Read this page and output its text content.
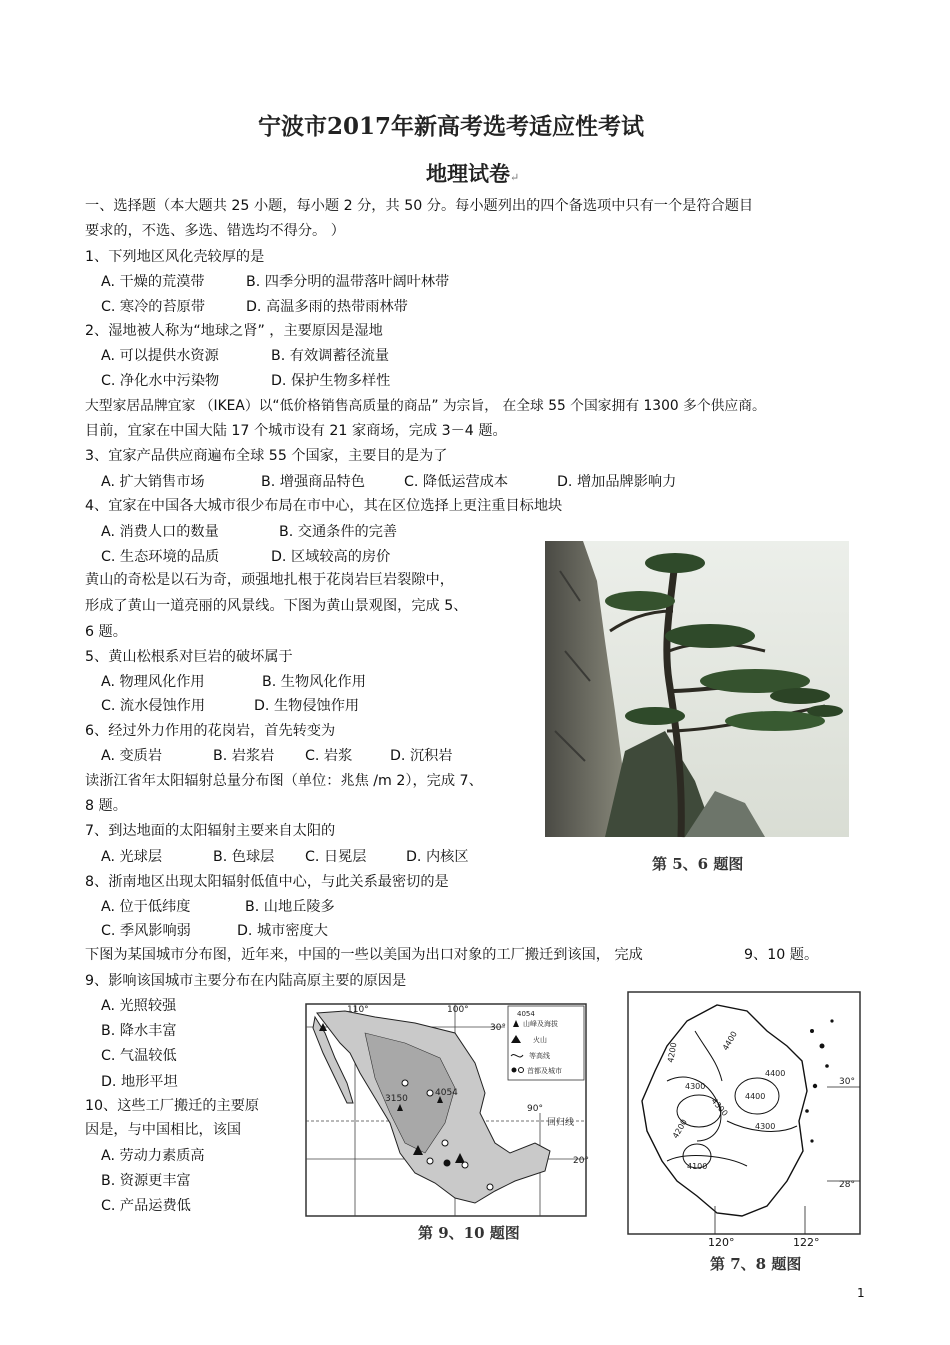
宁波市2017年新高考选考适应性考试
地理试卷↵
一、选择题（本大题共 25 小题，每小题 2 分，共 50 分。每小题列出的四个备选项中只有一个是符合题目
要求的，不选、多选、错选均不得分。 ）
1、下列地区风化壳较厚的是
A. 干燥的荒漠带	B. 四季分明的温带落叶阔叶林带
C. 寒冷的苔原带	D. 高温多雨的热带雨林带
2、湿地被人称为“地球之肾” ，主要原因是湿地
A. 可以提供水资源	B. 有效调蓄径流量
C. 净化水中污染物	D. 保护生物多样性
大型家居品牌宜家 （IKEA）以“低价格销售高质量的商品” 为宗旨， 在全球 55 个国家拥有 1300 多个供应商。
目前，宜家在中国大陆 17 个城市设有 21 家商场，完成 3－4 题。
3、宜家产品供应商遍布全球 55 个国家，主要目的是为了
A. 扩大销售市场	B. 增强商品特色	C. 降低运营成本	D. 增加品牌影响力
4、宜家在中国各大城市很少布局在市中心，其在区位选择上更注重目标地块
A. 消费人口的数量	B. 交通条件的完善
C. 生态环境的品质	D. 区域较高的房价
黄山的奇松是以石为奇，顽强地扎根于花岗岩巨岩裂隙中，
形成了黄山一道亮丽的风景线。下图为黄山景观图，完成 5、
6 题。
5、黄山松根系对巨岩的破坏属于
A. 物理风化作用	B. 生物风化作用
C. 流水侵蚀作用	D. 生物侵蚀作用
6、经过外力作用的花岗岩，首先转变为
A. 变质岩	B. 岩浆岩 C. 岩浆	D. 沉积岩
读浙江省年太阳辐射总量分布图（单位：兆焦 /m 2），完成 7、
8 题。
7、到达地面的太阳辐射主要来自太阳的
A. 光球层	B. 色球层 C. 日冕层	D. 内核区
8、浙南地区出现太阳辐射低值中心，与此关系最密切的是
A. 位于低纬度	B. 山地丘陵多
C. 季风影响弱	D. 城市密度大
下图为某国城市分布图，近年来，中国的一些以美国为出口对象的工厂搬迁到该国， 完成	9、10 题。
9、影响该国城市主要分布在内陆高原主要的原因是
A. 光照较强
B. 降水丰富
C. 气温较低
D. 地形平坦
10、这些工厂搬迁的主要原
因是，与中国相比，该国
A. 劳动力素质高
B. 资源更丰富
C. 产品运费低
第 5、6 题图
110°	100°
30°
90°
回归线
20°
3150
4054
4054
山峰及海拔
火山
等高线
首都及城市
第 9、10 题图
4400
4200
4400
4300
4300
4400
4300
4200
4100
30°
28°
120°	122°
第 7、8 题图
1
